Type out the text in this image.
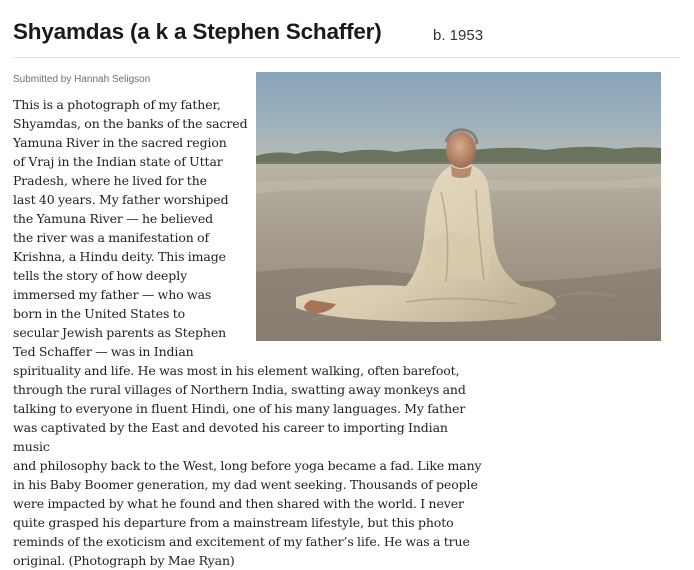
Shyamdas (a k a Stephen Schaffer)	b. 1953
Submitted by Hannah Seligson
This is a photograph of my father,
Shyamdas, on the banks of the sacred
Yamuna River in the sacred region
of Vraj in the Indian state of Uttar
Pradesh, where he lived for the
last 40 years. My father worshiped
the Yamuna River — he believed
the river was a manifestation of
Krishna, a Hindu deity. This image
tells the story of how deeply
immersed my father — who was
born in the United States to
secular Jewish parents as Stephen
Ted Schaffer — was in Indian
spirituality and life. He was most in his element walking, often barefoot,
through the rural villages of Northern India, swatting away monkeys and
talking to everyone in fluent Hindi, one of his many languages. My father
was captivated by the East and devoted his career to importing Indian music
and philosophy back to the West, long before yoga became a fad. Like many
in his Baby Boomer generation, my dad went seeking. Thousands of people
were impacted by what he found and then shared with the world. I never
quite grasped his departure from a mainstream lifestyle, but this photo
reminds of the exoticism and excitement of my father’s life. He was a true
original. (Photograph by Mae Ryan)
